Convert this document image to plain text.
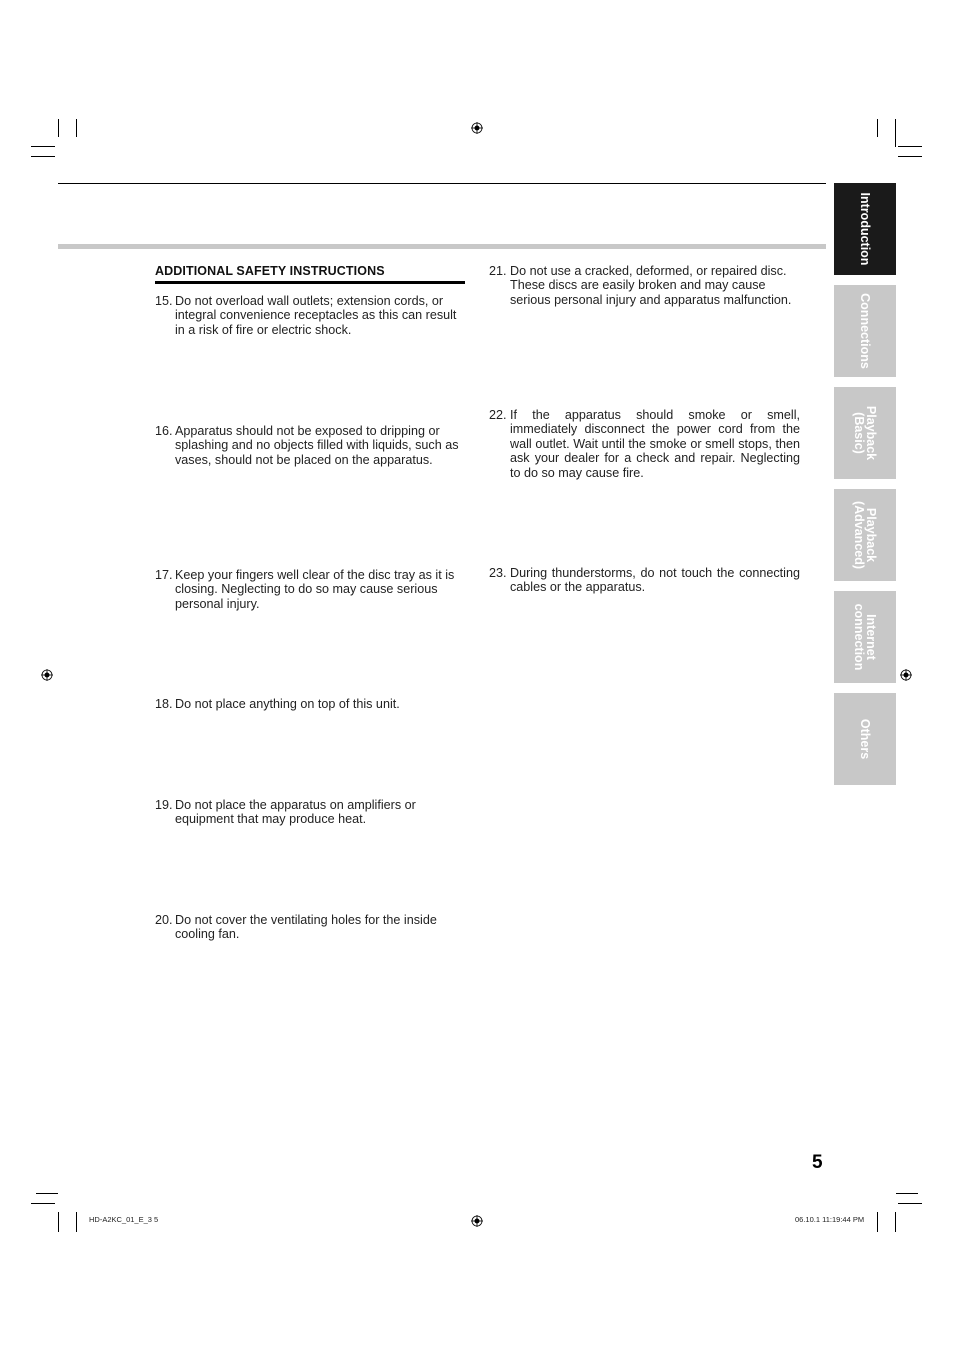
ADDITIONAL SAFETY INSTRUCTIONS
15. Do not overload wall outlets; extension cords, or integral convenience receptacles as this can result in a risk of fire or electric shock.
16. Apparatus should not be exposed to dripping or splashing and no objects filled with liquids, such as vases, should not be placed on the apparatus.
17. Keep your fingers well clear of the disc tray as it is closing. Neglecting to do so may cause serious personal injury.
18. Do not place anything on top of this unit.
19. Do not place the apparatus on amplifiers or equipment that may produce heat.
20. Do not cover the ventilating holes for the inside cooling fan.
21. Do not use a cracked, deformed, or repaired disc. These discs are easily broken and may cause serious personal injury and apparatus malfunction.
22. If the apparatus should smoke or smell, immediately disconnect the power cord from the wall outlet. Wait until the smoke or smell stops, then ask your dealer for a check and repair. Neglecting to do so may cause fire.
23. During thunderstorms, do not touch the connecting cables or the apparatus.
Introduction
Connections
Playback (Basic)
Playback (Advanced)
Internet connection
Others
5
HD-A2KC_01_E_3 5	06.10.1 11:19:44 PM
